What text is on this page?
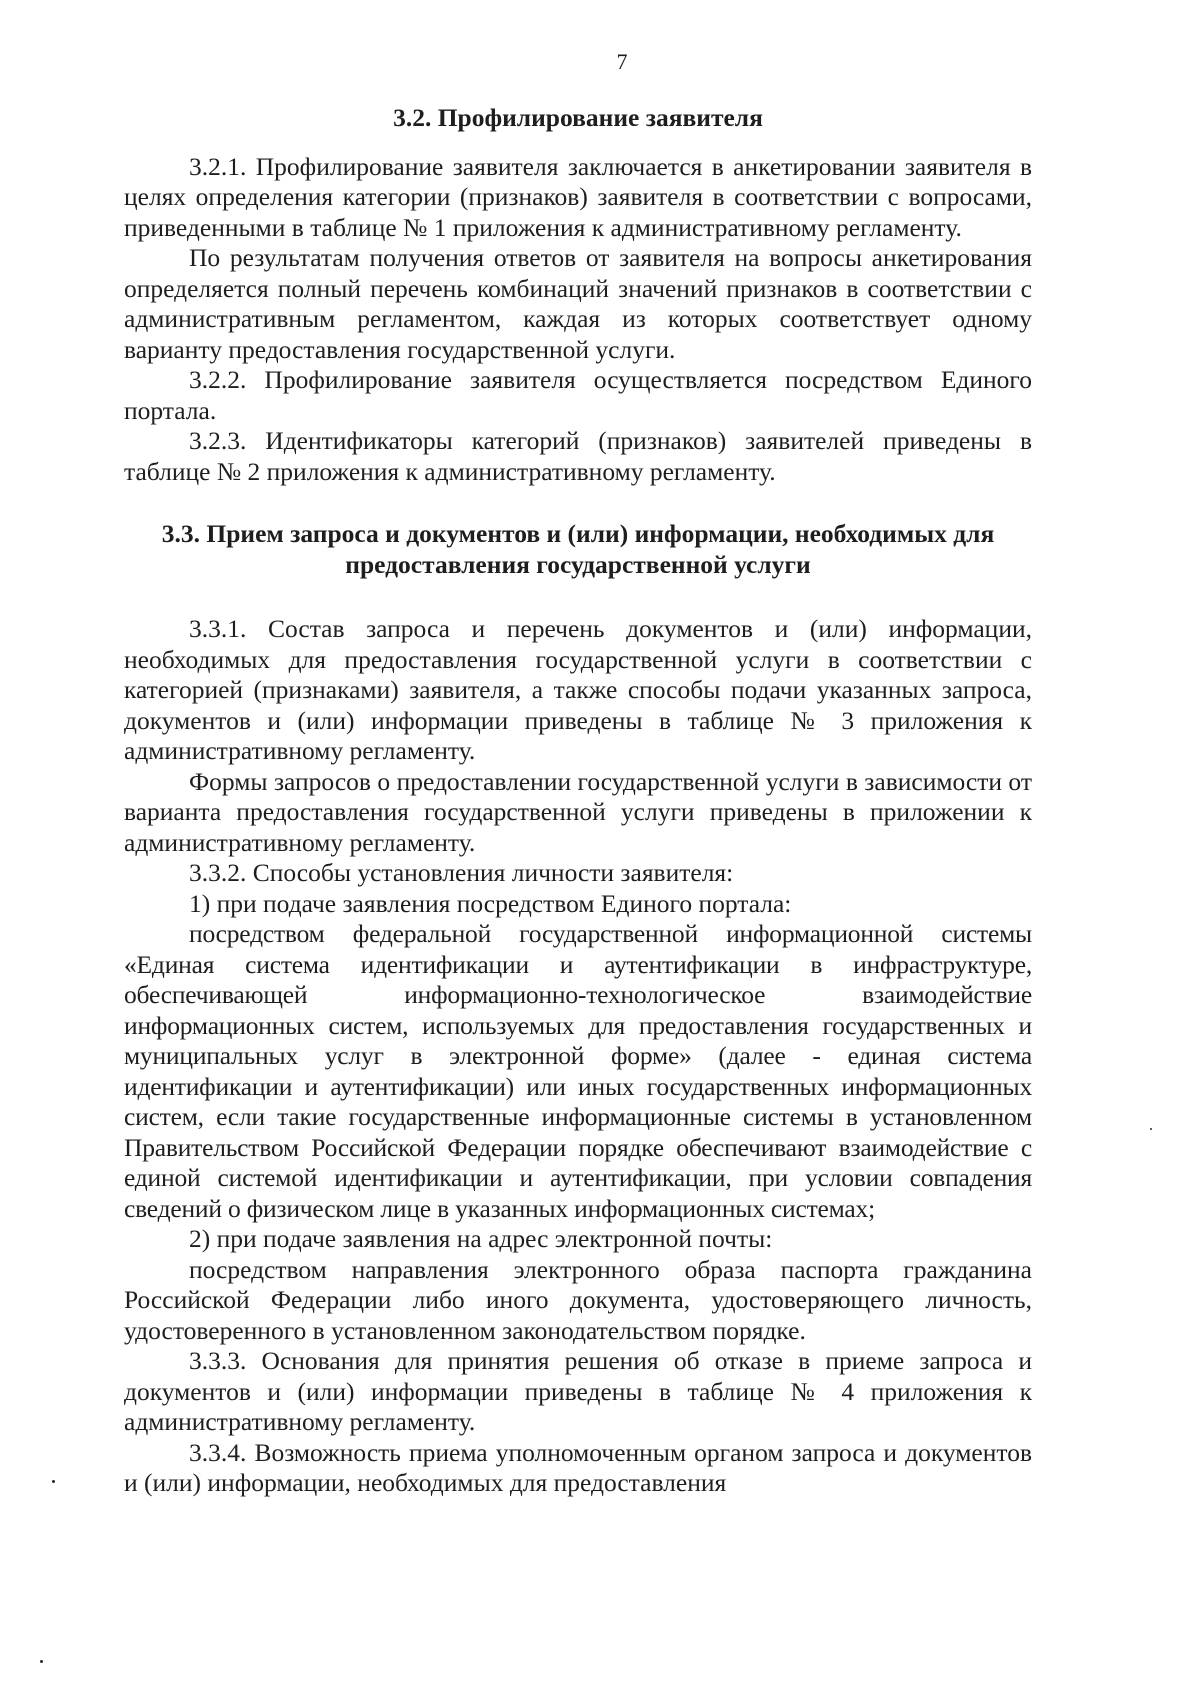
7

3.2. Профилирование заявителя

3.2.1. Профилирование заявителя заключается в анкетировании заявителя в целях определения категории (признаков) заявителя в соответствии с вопросами, приведенными в таблице № 1 приложения к административному регламенту.

По результатам получения ответов от заявителя на вопросы анкетирования определяется полный перечень комбинаций значений признаков в соответствии с административным регламентом, каждая из которых соответствует одному варианту предоставления государственной услуги.

3.2.2. Профилирование заявителя осуществляется посредством Единого портала.

3.2.3. Идентификаторы категорий (признаков) заявителей приведены в таблице № 2 приложения к административному регламенту.

3.3. Прием запроса и документов и (или) информации, необходимых для предоставления государственной услуги

3.3.1. Состав запроса и перечень документов и (или) информации, необходимых для предоставления государственной услуги в соответствии с категорией (признаками) заявителя, а также способы подачи указанных запроса, документов и (или) информации приведены в таблице № 3 приложения к административному регламенту.

Формы запросов о предоставлении государственной услуги в зависимости от варианта предоставления государственной услуги приведены в приложении к административному регламенту.

3.3.2. Способы установления личности заявителя:

1) при подаче заявления посредством Единого портала:

посредством федеральной государственной информационной системы «Единая система идентификации и аутентификации в инфраструктуре, обеспечивающей информационно-технологическое взаимодействие информационных систем, используемых для предоставления государственных и муниципальных услуг в электронной форме» (далее - единая система идентификации и аутентификации) или иных государственных информационных систем, если такие государственные информационные системы в установленном Правительством Российской Федерации порядке обеспечивают взаимодействие с единой системой идентификации и аутентификации, при условии совпадения сведений о физическом лице в указанных информационных системах;

2) при подаче заявления на адрес электронной почты:

посредством направления электронного образа паспорта гражданина Российской Федерации либо иного документа, удостоверяющего личность, удостоверенного в установленном законодательством порядке.

3.3.3. Основания для принятия решения об отказе в приеме запроса и документов и (или) информации приведены в таблице № 4 приложения к административному регламенту.

3.3.4. Возможность приема уполномоченным органом запроса и документов и (или) информации, необходимых для предоставления
